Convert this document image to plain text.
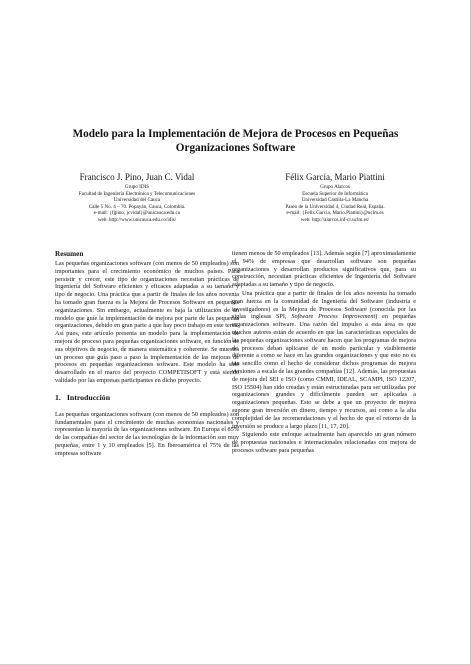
Modelo para la Implementación de Mejora de Procesos en Pequeñas Organizaciones Software
Francisco J. Pino, Juan C. Vidal
Grupo IDIS
Facultad de Ingeniería Electrónica y Telecomunicaciones
Universidad del Cauca
Calle 5 No. 4 – 70. Popayán, Cauca, Colombia.
e-mail: {fjpino, jcvidal}@unicauca.edu.co
web: http://www.unicauca.edu.co/idis/
Félix García, Mario Piattini
Grupo Alarcos
Escuela Superior de Informática
Universidad Castilla-La Mancha
Paseo de la Universidad 4, Ciudad Real, España.
e-mail: {Felix.Garcia, Mario.Piattini}@uclm.es
web: http://alarcos.inf-cr.uclm.es/
Resumen

Las pequeñas organizaciones software (con menos de 50 empleados) son importantes para el crecimiento económico de muchos países. Para persistir y crecer, este tipo de organizaciones necesitan prácticas de Ingeniería del Software eficientes y eficaces adaptadas a su tamaño y tipo de negocio. Una práctica que a partir de finales de los años noventa ha tomado gran fuerza es la Mejora de Procesos Software en pequeñas organizaciones. Sin embargo, actualmente es baja la utilización de un modelo que guíe la implementación de mejora por parte de las pequeñas organizaciones, debido en gran parte a que hay poco trabajo en este tema. Así pues, este artículo presenta un modelo para la implementación de mejora de proceso para pequeñas organizaciones software, en función de sus objetivos de negocio, de manera sistemática y coherente. Se muestra un proceso que guía paso a paso la implementación de las mejoras de procesos en pequeñas organizaciones software. Este modelo ha sido desarrollado en el marco del proyecto COMPETISOFT y está siendo validado por las empresas participantes en dicho proyecto.

1. Introducción

Las pequeñas organizaciones software (con menos de 50 empleados) son fundamentales para el crecimiento de muchas economías nacionales y representan la mayoría de las organizaciones software. En Europa el 85% de las compañías del sector de las tecnologías de la información son muy pequeñas, entre 1 y 10 empleados [5]. En Iberoamérica el 75% de las empresas software

tienen menos de 50 empleados [13]. Además según [7] aproximadamente el 94% de empresas que desarrollan software son pequeñas organizaciones y desarrollan productos significativos que, para su construcción, necesitan prácticas eficientes de Ingeniería del Software adaptadas a su tamaño y tipo de negocio.

Una práctica que a partir de finales de los años noventa ha tomado gran fuerza en la comunidad de Ingeniería del Software (industria e investigadores) es la Mejora de Procesos Software (conocida por las siglas inglesas SPI, Software Process Improvement) en pequeñas organizaciones software. Una razón del impulso a esta área es que muchos autores están de acuerdo en que las características especiales de las pequeñas organizaciones software hacen que los programas de mejora de procesos deban aplicarse de un modo particular y visiblemente diferente a como se hace en las grandes organizaciones y que esto no es tan sencillo como el hecho de considerar dichos programas de mejora versiones a escala de las grandes compañías [12]. Además, las propuestas de mejora del SEI e ISO (como CMMI, IDEAL, SCAMPI, ISO 12207, ISO 15504) han sido creadas y están estructuradas para ser utilizadas por organizaciones grandes y difícilmente pueden ser aplicadas a organizaciones pequeñas. Esto se debe a que un proyecto de mejora supone gran inversión en dinero, tiempo y recursos, así como a la alta complejidad de las recomendaciones y el hecho de que el retorno de la inversión se produce a largo plazo [11, 17, 20].

Siguiendo este enfoque actualmente han aparecido un gran número de propuestas nacionales e internacionales relacionadas con mejora de procesos software para pequeñas
